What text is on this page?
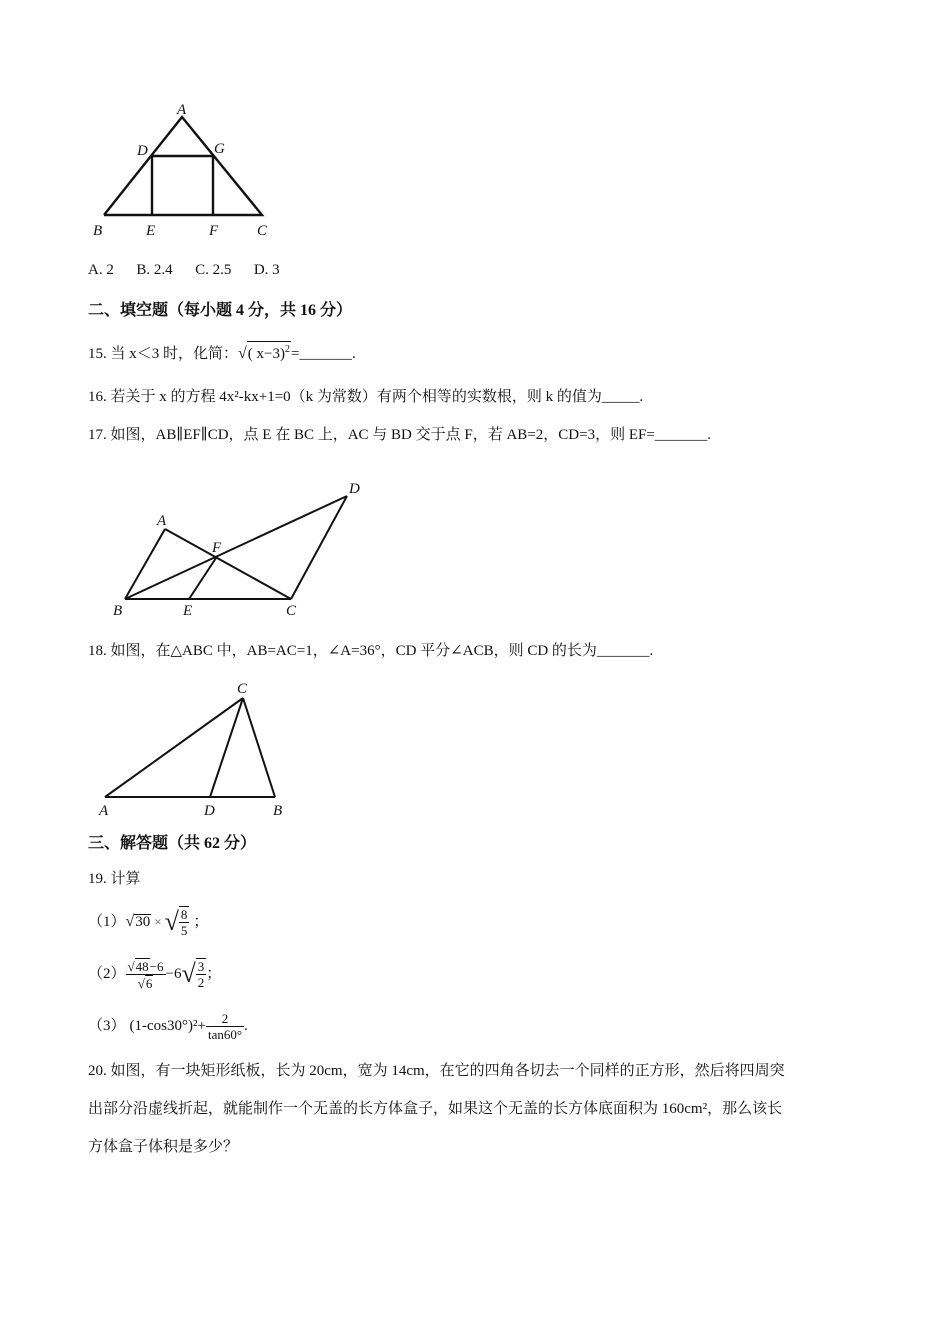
A
D	G
B	E	F	C
A. 2      B. 2.4      C. 2.5      D. 3
二、填空题（每小题 4 分，共 16 分）
15. 当 x＜3 时，化简：√( x−3)$^2$=_______.
16. 若关于 x 的方程 4x²-kx+1=0（k 为常数）有两个相等的实数根，则 k 的值为_____.
17. 如图，AB∥EF∥CD，点 E 在 BC 上，AC 与 BD 交于点 F，若 AB=2，CD=3，则 EF=_______.
A
F
D
B	E	C
18. 如图，在△ABC 中，AB=AC=1，∠A=36°，CD 平分∠ACB，则 CD 的长为_______.
C
A	D	B
三、解答题（共 62 分）
19. 计算
（1） √ 30 × √ $\frac{8}{5}$ ；
$(2) \frac{√48-6}{√6} -6$ √ $\frac{3}{2}$ ；
（3） $(1-\cos 30^\circ)^2+ \frac{2}{\tan 60^\circ}$ .
20. 如图，有一块矩形纸板，长为 20cm，宽为 14cm，在它的四角各切去一个同样的正方形，然后将四周突
出部分沿虚线折起，就能制作一个无盖的长方体盒子，如果这个无盖的长方体底面积为 160cm²，那么该长
方体盒子体积是多少？
